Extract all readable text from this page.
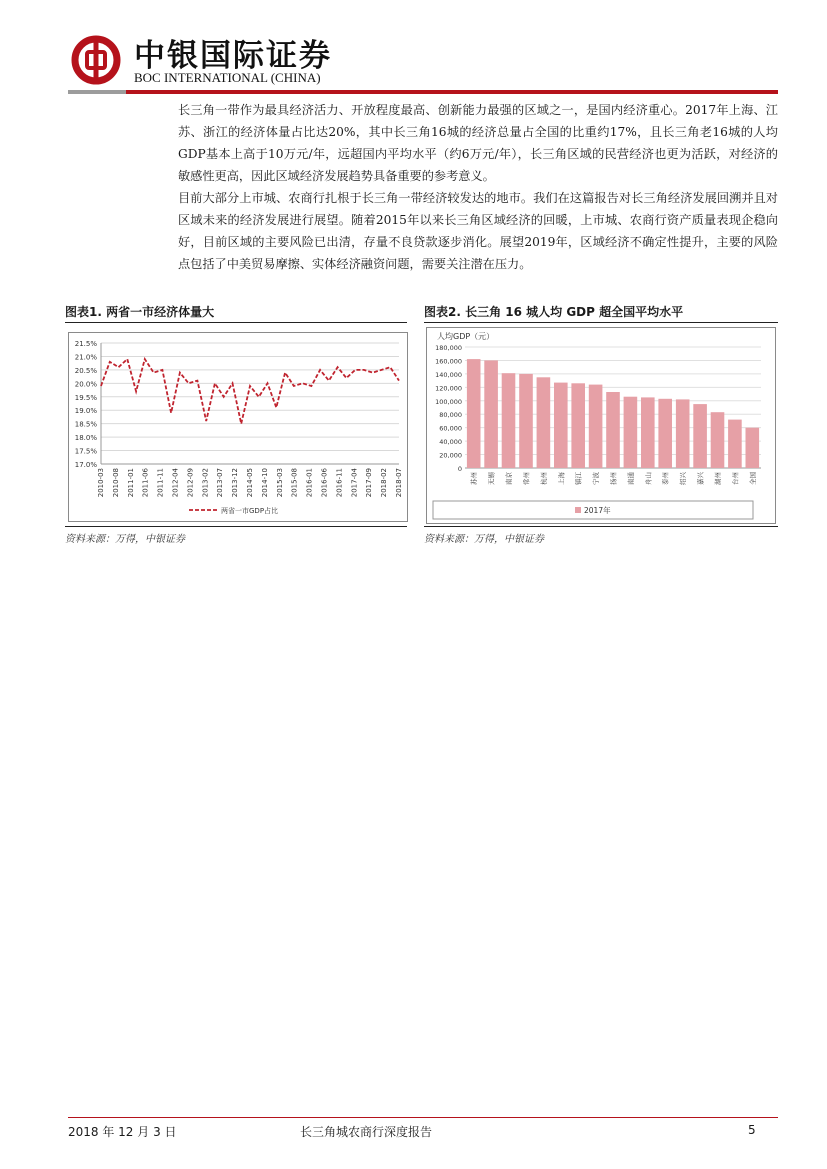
中银国际证券
BOC INTERNATIONAL (CHINA)

长三角一带作为最具经济活力、开放程度最高、创新能力最强的区域之一，是国内经济重心。2017年上海、江苏、浙江的经济体量占比达20%，其中长三角16城的经济总量占全国的比重约17%，且长三角老16城的人均GDP基本上高于10万元/年，远超国内平均水平（约6万元/年），长三角区域的民营经济也更为活跃，对经济的敏感性更高，因此区域经济发展趋势具备重要的参考意义。

目前大部分上市城、农商行扎根于长三角一带经济较发达的地市。我们在这篇报告对长三角经济发展回溯并且对区域未来的经济发展进行展望。随着2015年以来长三角区域经济的回暖，上市城、农商行资产质量表现企稳向好，目前区域的主要风险已出清，存量不良贷款逐步消化。展望2019年，区域经济不确定性提升，主要的风险点包括了中美贸易摩擦、实体经济融资问题，需要关注潜在压力。

图表1. 两省一市经济体量大
21.5%
21.0%
20.5%
20.0%
19.5%
19.0%
18.5%
18.0%
17.5%
17.0%
2010-03 2010-08 2011-01 2011-06 2011-11 2012-04 2012-09 2013-02 2013-07 2013-12 2014-05 2014-10 2015-03 2015-08 2016-01 2016-06 2016-11 2017-04 2017-09 2018-02 2018-07
两省一市GDP占比
资料来源：万得，中银证券
图表2. 长三角 16 城人均 GDP 超全国平均水平
人均GDP（元）
180,000
160,000
140,000
120,000
100,000
80,000
60,000
40,000
20,000
0
苏州 无锡 南京 常州 杭州 上海 镇江 宁波 扬州 南通 舟山 泰州 绍兴 嘉兴 湖州 台州 全国
2017年
资料来源：万得，中银证券
2018 年 12 月 3 日	长三角城农商行深度报告	5
